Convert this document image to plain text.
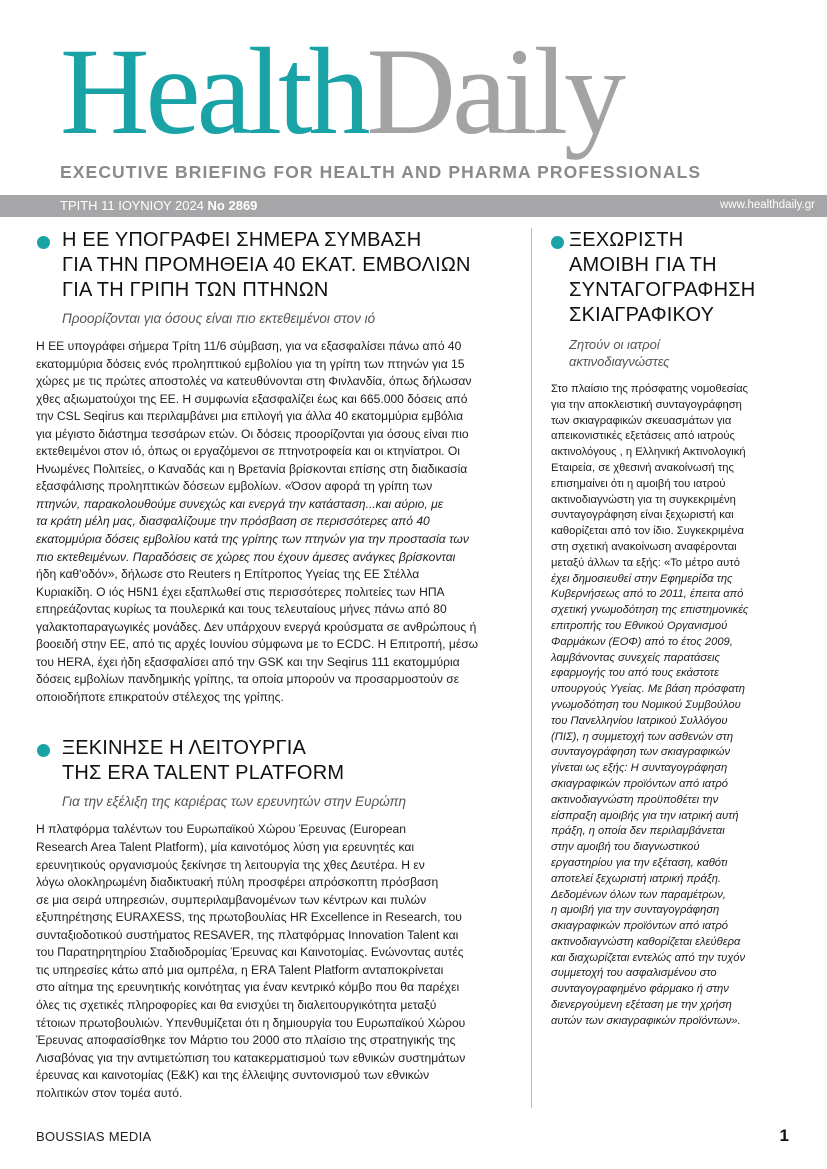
HealthDaily
EXECUTIVE BRIEFING FOR HEALTH AND PHARMA PROFESSIONALS
ΤΡΙΤΗ 11 ΙΟΥΝΙΟΥ 2024 Νο 2869	www.healthdaily.gr
Η ΕΕ ΥΠΟΓΡΑΦΕΙ ΣΗΜΕΡΑ ΣΥΜΒΑΣΗ
ΓΙΑ ΤΗΝ ΠΡΟΜΗΘΕΙΑ 40 ΕΚΑΤ. ΕΜΒΟΛΙΩΝ
ΓΙΑ ΤΗ ΓΡΙΠΗ ΤΩΝ ΠΤΗΝΩΝ
Προορίζονται για όσους είναι πιο εκτεθειμένοι στον ιό
Η ΕΕ υπογράφει σήμερα Τρίτη 11/6 σύμβαση, για να εξασφαλίσει πάνω από 40
εκατομμύρια δόσεις ενός προληπτικού εμβολίου για τη γρίπη των πτηνών για 15
χώρες με τις πρώτες αποστολές να κατευθύνονται στη Φινλανδία, όπως δήλωσαν
χθες αξιωματούχοι της ΕΕ. Η συμφωνία εξασφαλίζει έως και 665.000 δόσεις από
την CSL Seqirus και περιλαμβάνει μια επιλογή για άλλα 40 εκατομμύρια εμβόλια
για μέγιστο διάστημα τεσσάρων ετών. Οι δόσεις προορίζονται για όσους είναι πιο
εκτεθειμένοι στον ιό, όπως οι εργαζόμενοι σε πτηνοτροφεία και οι κτηνίατροι. Οι
Ηνωμένες Πολιτείες, ο Καναδάς και η Βρετανία βρίσκονται επίσης στη διαδικασία
εξασφάλισης προληπτικών δόσεων εμβολίων. «Όσον αφορά τη γρίπη των
πτηνών, παρακολουθούμε συνεχώς και ενεργά την κατάσταση...και αύριο, με
τα κράτη μέλη μας, διασφαλίζουμε την πρόσβαση σε περισσότερες από 40
εκατομμύρια δόσεις εμβολίου κατά της γρίπης των πτηνών για την προστασία των
πιο εκτεθειμένων. Παραδόσεις σε χώρες που έχουν άμεσες ανάγκες βρίσκονται
ήδη καθ'οδόν», δήλωσε στο Reuters η Επίτροπος Υγείας της ΕΕ Στέλλα
Κυριακίδη. Ο ιός H5N1 έχει εξαπλωθεί στις περισσότερες πολιτείες των ΗΠΑ
επηρεάζοντας κυρίως τα πουλερικά και τους τελευταίους μήνες πάνω από 80
γαλακτοπαραγωγικές μονάδες. Δεν υπάρχουν ενεργά κρούσματα σε ανθρώπους ή
βοοειδή στην ΕΕ, από τις αρχές Ιουνίου σύμφωνα με το ECDC. Η Επιτροπή, μέσω
του HERA, έχει ήδη εξασφαλίσει από την GSK και την Seqirus 111 εκατομμύρια
δόσεις εμβολίων πανδημικής γρίπης, τα οποία μπορούν να προσαρμοστούν σε
οποιοδήποτε επικρατούν στέλεχος της γρίπης.
ΞΕΚΙΝΗΣΕ Η ΛΕΙΤΟΥΡΓΙΑ
ΤΗΣ ERA TALENT PLATFORM
Για την εξέλιξη της καριέρας των ερευνητών στην Ευρώπη
Η πλατφόρμα ταλέντων του Ευρωπαϊκού Χώρου Έρευνας (European
Research Area Talent Platform), μία καινοτόμος λύση για ερευνητές και
ερευνητικούς οργανισμούς ξεκίνησε τη λειτουργία της χθες Δευτέρα. Η εν
λόγω ολοκληρωμένη διαδικτυακή πύλη προσφέρει απρόσκοπτη πρόσβαση
σε μια σειρά υπηρεσιών, συμπεριλαμβανομένων των κέντρων και πυλών
εξυπηρέτησης EURAXESS, της πρωτοβουλίας HR Excellence in Research, του
συνταξιοδοτικού συστήματος RESAVER, της πλατφόρμας Innovation Talent και
του Παρατηρητηρίου Σταδιοδρομίας Έρευνας και Καινοτομίας. Ενώνοντας αυτές
τις υπηρεσίες κάτω από μια ομπρέλα, η ERA Talent Platform ανταποκρίνεται
στο αίτημα της ερευνητικής κοινότητας για έναν κεντρικό κόμβο που θα παρέχει
όλες τις σχετικές πληροφορίες και θα ενισχύει τη διαλειτουργικότητα μεταξύ
τέτοιων πρωτοβουλιών. Υπενθυμίζεται ότι η δημιουργία του Ευρωπαϊκού Χώρου
Έρευνας αποφασίσθηκε τον Μάρτιο του 2000 στο πλαίσιο της στρατηγικής της
Λισαβόνας για την αντιμετώπιση του κατακερματισμού των εθνικών συστημάτων
έρευνας και καινοτομίας (Ε&Κ) και της έλλειψης συντονισμού των εθνικών
πολιτικών στον τομέα αυτό.
ΞΕΧΩΡΙΣΤΗ
ΑΜΟΙΒΗ ΓΙΑ ΤΗ
ΣΥΝΤΑΓΟΓΡΑΦΗΣΗ
ΣΚΙΑΓΡΑΦΙΚΟΥ
Ζητούν οι ιατροί
ακτινοδιαγνώστες
Στο πλαίσιο της πρόσφατης νομοθεσίας
για την αποκλειστική συνταγογράφηση
των σκιαγραφικών σκευασμάτων για
απεικονιστικές εξετάσεις από ιατρούς
ακτινολόγους , η Ελληνική Ακτινολογική
Εταιρεία, σε χθεσινή ανακοίνωσή της
επισημαίνει ότι η αμοιβή του ιατρού
ακτινοδιαγνώστη για τη συγκεκριμένη
συνταγογράφηση είναι ξεχωριστή και
καθορίζεται από τον ίδιο. Συγκεκριμένα
στη σχετική ανακοίνωση αναφέρονται
μεταξύ άλλων τα εξής: «Το μέτρο αυτό
έχει δημοσιευθεί στην Εφημερίδα της
Κυβερνήσεως από το 2011, έπειτα από
σχετική γνωμοδότηση της επιστημονικές
επιτροπής του Εθνικού Οργανισμού
Φαρμάκων (ΕΟΦ) από το έτος 2009,
λαμβάνοντας συνεχείς παρατάσεις
εφαρμογής του από τους εκάστοτε
υπουργούς Υγείας. Με βάση πρόσφατη
γνωμοδότηση του Νομικού Συμβούλου
του Πανελληνίου Ιατρικού Συλλόγου
(ΠΙΣ), η συμμετοχή των ασθενών στη
συνταγογράφηση των σκιαγραφικών
γίνεται ως εξής: Η συνταγογράφηση
σκιαγραφικών προϊόντων από ιατρό
ακτινοδιαγνώστη προϋποθέτει την
είσπραξη αμοιβής για την ιατρική αυτή
πράξη, η οποία δεν περιλαμβάνεται
στην αμοιβή του διαγνωστικού
εργαστηρίου για την εξέταση, καθότι
αποτελεί ξεχωριστή ιατρική πράξη.
Δεδομένων όλων των παραμέτρων,
η αμοιβή για την συνταγογράφηση
σκιαγραφικών προϊόντων από ιατρό
ακτινοδιαγνώστη καθορίζεται ελεύθερα
και διαχωρίζεται εντελώς από την τυχόν
συμμετοχή του ασφαλισμένου στο
συνταγογραφημένο φάρμακο ή στην
διενεργούμενη εξέταση με την χρήση
αυτών των σκιαγραφικών προϊόντων».
BOUSSIAS MEDIA	1
